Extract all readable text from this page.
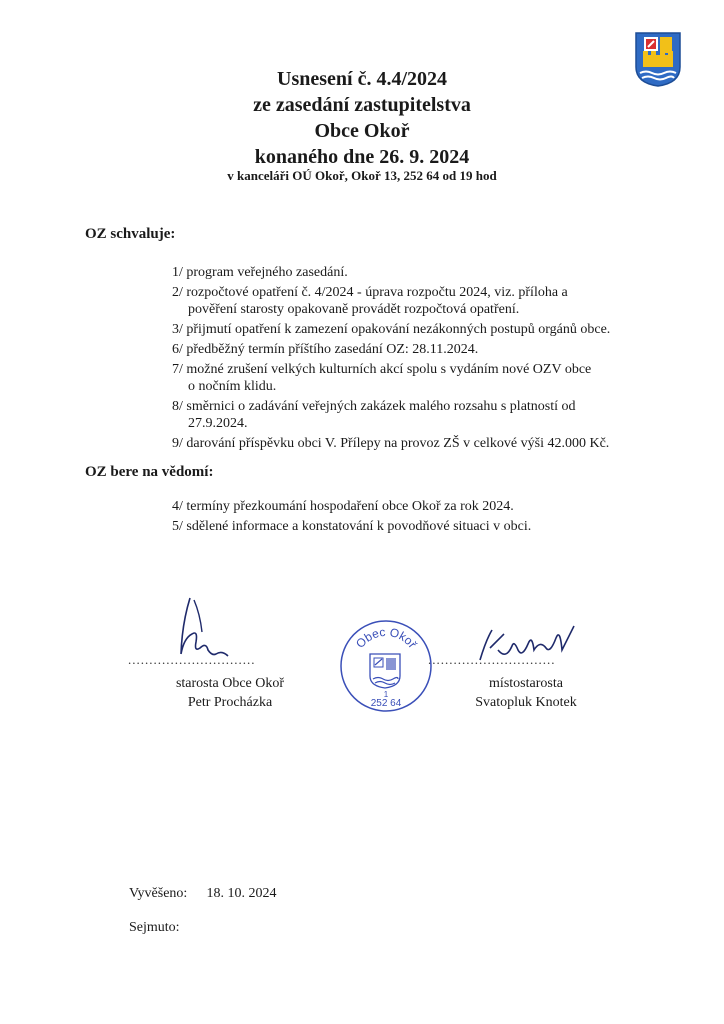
Usnesení č. 4.4/2024
ze zasedání zastupitelstva
Obce Okoř
konaného dne 26. 9. 2024
v kanceláři OÚ Okoř, Okoř 13, 252 64 od 19 hod
OZ schvaluje:
1/ program veřejného zasedání.
2/ rozpočtové opatření č. 4/2024 - úprava rozpočtu 2024, viz. příloha a
pověření starosty opakovaně provádět rozpočtová opatření.
3/ přijmutí opatření k zamezení opakování nezákonných postupů orgánů obce.
6/ předběžný termín příštího zasedání OZ: 28.11.2024.
7/ možné zrušení velkých kulturních akcí spolu s vydáním nové OZV obce
o nočním klidu.
8/ směrnici o zadávání veřejných zakázek malého rozsahu s platností od
27.9.2024.
9/ darování příspěvku obci V. Přílepy na provoz ZŠ v celkové výši 42.000 Kč.
OZ bere na vědomí:
4/ termíny přezkoumání hospodaření obce Okoř za rok 2024.
5/ sdělené informace a konstatování k povodňové situaci v obci.
..............................	..............................
starosta Obce Okoř
Petr Procházka
místostarosta
Svatopluk Knotek
Obec Okoř
1
252 64
Vyvěšeno: 18. 10. 2024
Sejmuto:
